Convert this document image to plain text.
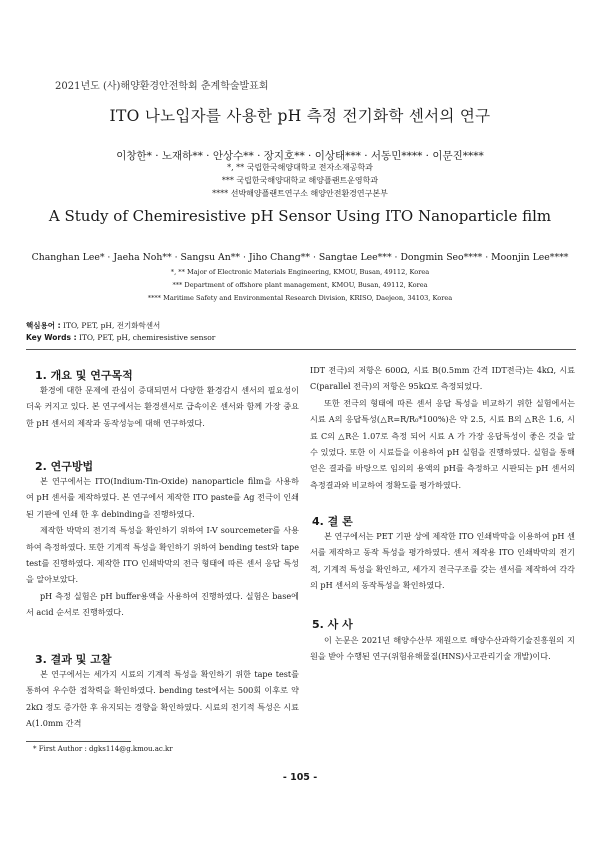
2021년도 (사)해양환경안전학회 춘계학술발표회
ITO 나노입자를 사용한 pH 측정 전기화학 센서의 연구
이창한* · 노재하** · 안상수** · 장지호** · 이상태*** · 서동민**** · 이문진****
*, ** 국립한국해양대학교 전자소재공학과
*** 국립한국해양대학교 해양플랜트운영학과
**** 선박해양플랜트연구소 해양안전환경연구본부
A Study of Chemiresistive pH Sensor Using ITO Nanoparticle film
Changhan Lee* · Jaeha Noh** · Sangsu An** · Jiho Chang** · Sangtae Lee*** · Dongmin Seo**** · Moonjin Lee****
*, ** Major of Electronic Materials Engineering, KMOU, Busan, 49112, Korea
*** Department of offshore plant management, KMOU, Busan, 49112, Korea
**** Maritime Safety and Environmental Research Division, KRISO, Daejeon, 34103, Korea
핵심용어 : ITO, PET, pH, 전기화학센서
Key Words : ITO, PET, pH, chemiresistive sensor
1. 개요 및 연구목적

환경에 대한 문제에 관심이 증대되면서 다양한 환경감시 센서의 필요성이 더욱 커지고 있다. 본 연구에서는 환경센서로 급속이온 센서와 함께 가장 중요한 pH 센서의 제작과 동작성능에 대해 연구하였다.

2. 연구방법

본 연구에서는 ITO(Indium-Tin-Oxide) nanoparticle film을 사용하여 pH 센서를 제작하였다. 본 연구에서 제작한 ITO paste를 Ag 전극이 인쇄된 기판에 인쇄 한 후 debinding을 진행하였다.

제작한 박막의 전기적 특성을 확인하기 위하여 I-V sourcemeter를 사용하여 측정하였다. 또한 기계적 특성을 확인하기 위하여 bending test와 tape test를 진행하였다. 제작한 ITO 인쇄박막의 전극 형태에 따른 센서 응답 특성을 알아보았다.

pH 측정 실험은 pH buffer용액을 사용하여 진행하였다. 실험은 base에서 acid 순서로 진행하였다.

3. 결과 및 고찰

본 연구에서는 세가지 시료의 기계적 특성을 확인하기 위한 tape test를 통하여 우수한 접착력을 확인하였다. bending test에서는 500회 이후로 약 2kΩ 정도 증가한 후 유지되는 경향을 확인하였다. 시료의 전기적 특성은 시료 A(1.0mm 간격

IDT 전극)의 저항은 600Ω, 시료 B(0.5mm 간격 IDT전극)는 4kΩ, 시료 C(parallel 전극)의 저항은 95kΩ로 측정되었다.

또한 전극의 형태에 따른 센서 응답 특성을 비교하기 위한 실험에서는 시료 A의 응답특성(△R=R/R₀*100%)은 약 2.5, 시료 B의 △R은 1.6, 시료 C의 △R은 1.07로 측정 되어 시료 A 가 가장 응답특성이 좋은 것을 알 수 있었다. 또한 이 시료들을 이용하여 pH 실험을 진행하였다. 실험을 통해 얻은 결과를 바탕으로 임의의 용액의 pH를 측정하고 시판되는 pH 센서의 측정결과와 비교하여 정확도를 평가하였다.

4. 결 론

본 연구에서는 PET 기판 상에 제작한 ITO 인쇄박막을 이용하여 pH 센서를 제작하고 동작 특성을 평가하였다. 센서 제작용 ITO 인쇄박막의 전기적, 기계적 특성을 확인하고, 세가지 전극구조를 갖는 센서를 제작하여 각각의 pH 센서의 동작특성을 확인하였다.

5. 사 사

이 논문은 2021년 해양수산부 재원으로 해양수산과학기술진흥원의 지원을 받아 수행된 연구(위험유해물질(HNS)사고관리기술 개발)이다.

* First Author : dgks114@g.kmou.ac.kr
- 105 -
